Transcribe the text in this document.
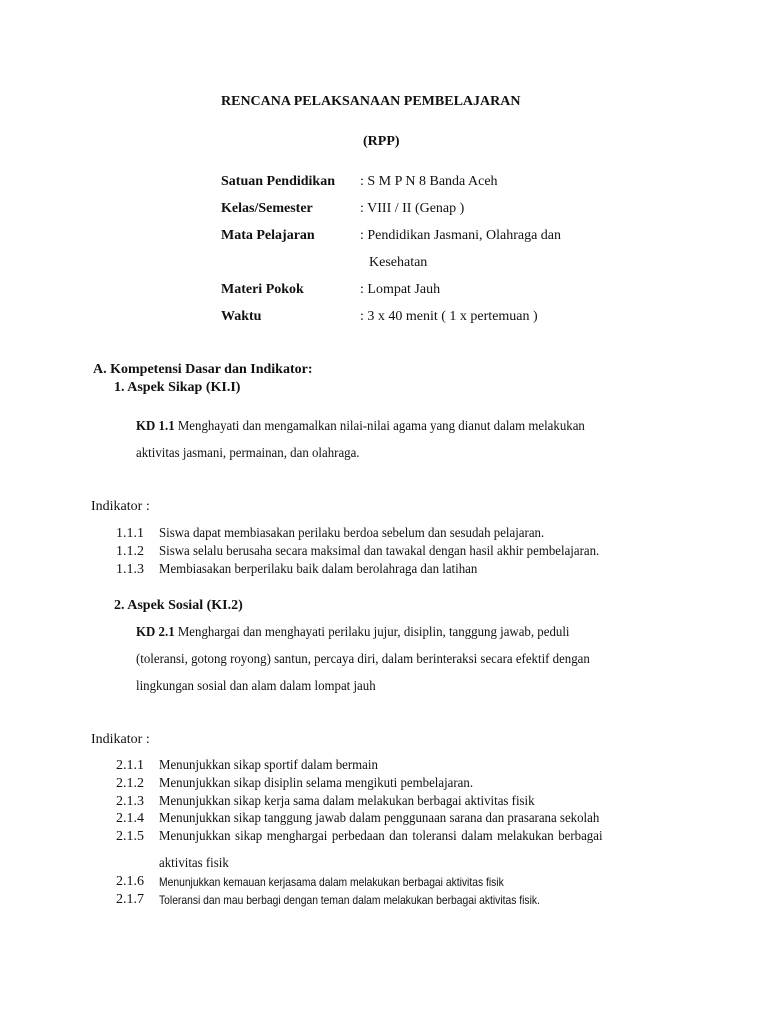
RENCANA PELAKSANAAN PEMBELAJARAN
(RPP)
Satuan Pendidikan : S M P N 8 Banda Aceh
Kelas/Semester	: VIII / II (Genap )
Mata Pelajaran	: Pendidikan Jasmani, Olahraga dan
Kesehatan
Materi Pokok	: Lompat Jauh
Waktu	: 3 x 40 menit ( 1 x pertemuan )
A. Kompetensi Dasar dan Indikator:
1. Aspek Sikap (KI.I)
KD 1.1 Menghayati dan mengamalkan nilai-nilai agama yang dianut dalam melakukan
aktivitas jasmani, permainan, dan olahraga.
Indikator :
1.1.1 Siswa dapat membiasakan perilaku berdoa sebelum dan sesudah pelajaran.
1.1.2 Siswa selalu berusaha secara maksimal dan tawakal dengan hasil akhir pembelajaran.
1.1.3 Membiasakan berperilaku baik dalam berolahraga dan latihan
2. Aspek Sosial (KI.2)
KD 2.1 Menghargai dan menghayati perilaku jujur, disiplin, tanggung jawab, peduli
(toleransi, gotong royong) santun, percaya diri, dalam berinteraksi secara efektif dengan
lingkungan sosial dan alam dalam lompat jauh
Indikator :
2.1.1 Menunjukkan sikap sportif dalam bermain
2.1.2 Menunjukkan sikap disiplin selama mengikuti pembelajaran.
2.1.3 Menunjukkan sikap kerja sama dalam melakukan berbagai aktivitas fisik
2.1.4 Menunjukkan sikap tanggung jawab dalam penggunaan sarana dan prasarana sekolah
2.1.5 Menunjukkan sikap menghargai perbedaan dan toleransi dalam melakukan berbagai
aktivitas fisik
2.1.6 Menunjukkan kemauan kerjasama dalam melakukan berbagai aktivitas fisik
2.1.7 Toleransi dan mau berbagi dengan teman dalam melakukan berbagai aktivitas fisik.
